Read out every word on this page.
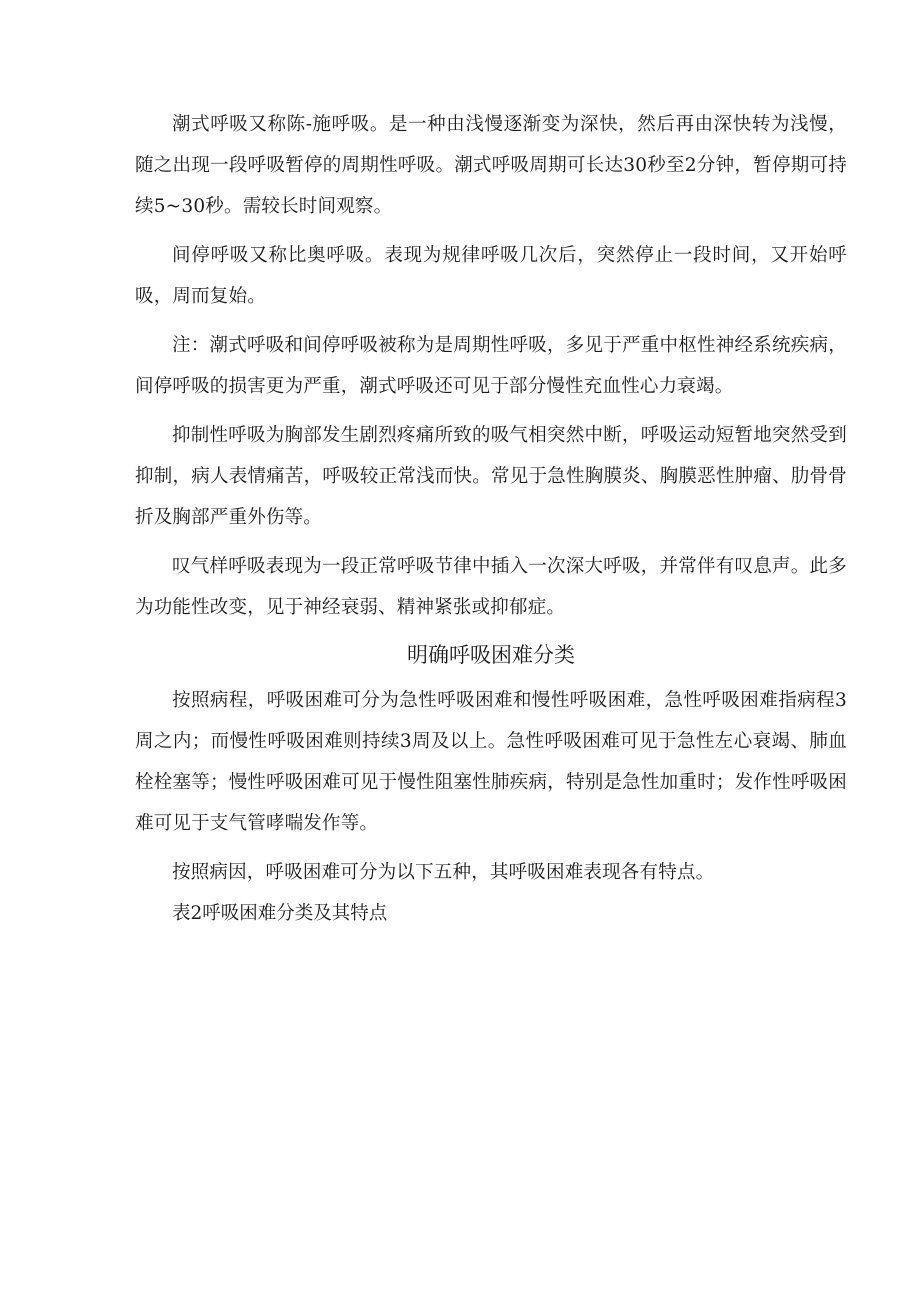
潮式呼吸又称陈-施呼吸。是一种由浅慢逐渐变为深快，然后再由深快转为浅慢，随之出现一段呼吸暂停的周期性呼吸。潮式呼吸周期可长达30秒至2分钟，暂停期可持续5~30秒。需较长时间观察。

间停呼吸又称比奥呼吸。表现为规律呼吸几次后，突然停止一段时间，又开始呼吸，周而复始。

注：潮式呼吸和间停呼吸被称为是周期性呼吸，多见于严重中枢性神经系统疾病，间停呼吸的损害更为严重，潮式呼吸还可见于部分慢性充血性心力衰竭。

抑制性呼吸为胸部发生剧烈疼痛所致的吸气相突然中断，呼吸运动短暂地突然受到抑制，病人表情痛苦，呼吸较正常浅而快。常见于急性胸膜炎、胸膜恶性肿瘤、肋骨骨折及胸部严重外伤等。

叹气样呼吸表现为一段正常呼吸节律中插入一次深大呼吸，并常伴有叹息声。此多为功能性改变，见于神经衰弱、精神紧张或抑郁症。

明确呼吸困难分类

按照病程，呼吸困难可分为急性呼吸困难和慢性呼吸困难，急性呼吸困难指病程3周之内；而慢性呼吸困难则持续3周及以上。急性呼吸困难可见于急性左心衰竭、肺血栓栓塞等；慢性呼吸困难可见于慢性阻塞性肺疾病，特别是急性加重时；发作性呼吸困难可见于支气管哮喘发作等。

按照病因，呼吸困难可分为以下五种，其呼吸困难表现各有特点。

表2呼吸困难分类及其特点
